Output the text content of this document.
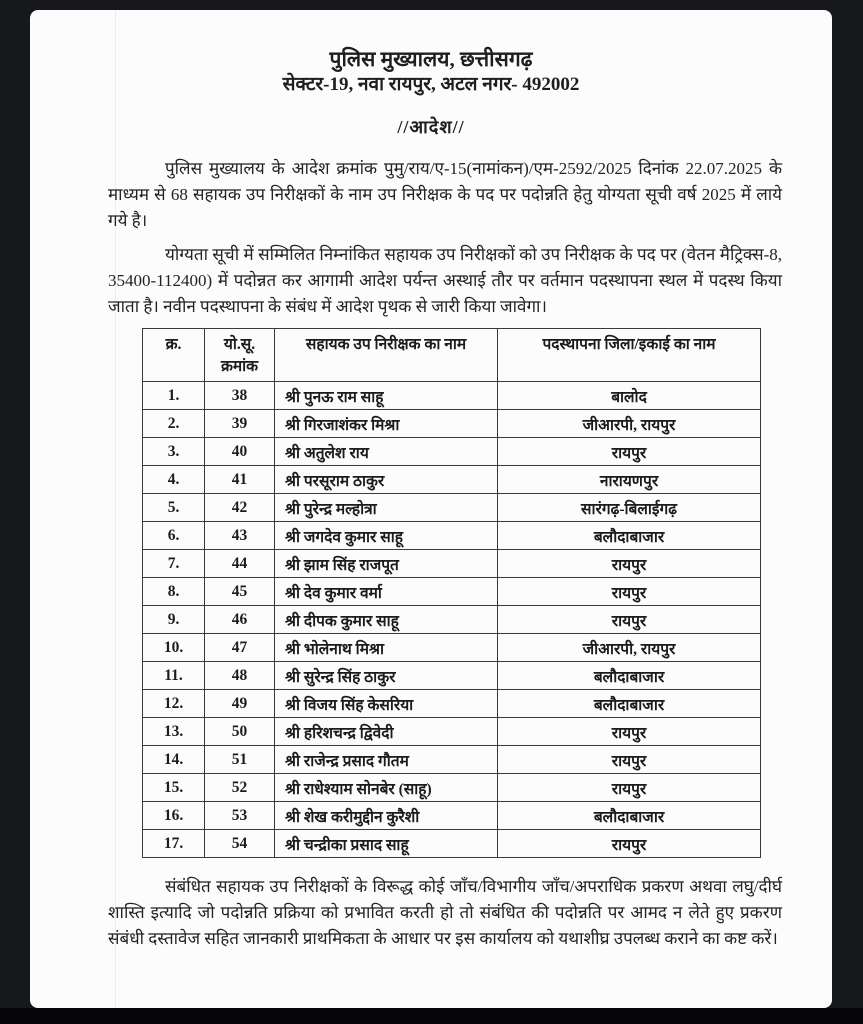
पुलिस मुख्यालय, छत्तीसगढ़
सेक्टर-19, नवा रायपुर, अटल नगर- 492002
//आदेश//

पुलिस मुख्यालय के आदेश क्रमांक पुमु/राय/ए-15(नामांकन)/एम-2592/2025 दिनांक 22.07.2025 के माध्यम से 68 सहायक उप निरीक्षकों के नाम उप निरीक्षक के पद पर पदोन्नति हेतु योग्यता सूची वर्ष 2025 में लाये गये है।

योग्यता सूची में सम्मिलित निम्नांकित सहायक उप निरीक्षकों को उप निरीक्षक के पद पर (वेतन मैट्रिक्स-8, 35400-112400) में पदोन्नत कर आगामी आदेश पर्यन्त अस्थाई तौर पर वर्तमान पदस्थापना स्थल में पदस्थ किया जाता है। नवीन पदस्थापना के संबंध में आदेश पृथक से जारी किया जावेगा।

क्र.	यो.सू. क्रमांक	सहायक उप निरीक्षक का नाम	पदस्थापना जिला/इकाई का नाम
1.	38	श्री पुनऊ राम साहू	बालोद
2.	39	श्री गिरजाशंकर मिश्रा	जीआरपी, रायपुर
3.	40	श्री अतुलेश राय	रायपुर
4.	41	श्री परसूराम ठाकुर	नारायणपुर
5.	42	श्री पुरेन्द्र मल्होत्रा	सारंगढ़-बिलाईगढ़
6.	43	श्री जगदेव कुमार साहू	बलौदाबाजार
7.	44	श्री झाम सिंह राजपूत	रायपुर
8.	45	श्री देव कुमार वर्मा	रायपुर
9.	46	श्री दीपक कुमार साहू	रायपुर
10.	47	श्री भोलेनाथ मिश्रा	जीआरपी, रायपुर
11.	48	श्री सुरेन्द्र सिंह ठाकुर	बलौदाबाजार
12.	49	श्री विजय सिंह केसरिया	बलौदाबाजार
13.	50	श्री हरिशचन्द्र द्विवेदी	रायपुर
14.	51	श्री राजेन्द्र प्रसाद गौतम	रायपुर
15.	52	श्री राधेश्याम सोनबेर (साहू)	रायपुर
16.	53	श्री शेख करीमुद्दीन कुरैशी	बलौदाबाजार
17.	54	श्री चन्द्रीका प्रसाद साहू	रायपुर

संबंधित सहायक उप निरीक्षकों के विरूद्ध कोई जाँच/विभागीय जाँच/अपराधिक प्रकरण अथवा लघु/दीर्घ शास्ति इत्यादि जो पदोन्नति प्रक्रिया को प्रभावित करती हो तो संबंधित की पदोन्नति पर आमद न लेते हुए प्रकरण संबंधी दस्तावेज सहित जानकारी प्राथमिकता के आधार पर इस कार्यालय को यथाशीघ्र उपलब्ध कराने का कष्ट करें।
